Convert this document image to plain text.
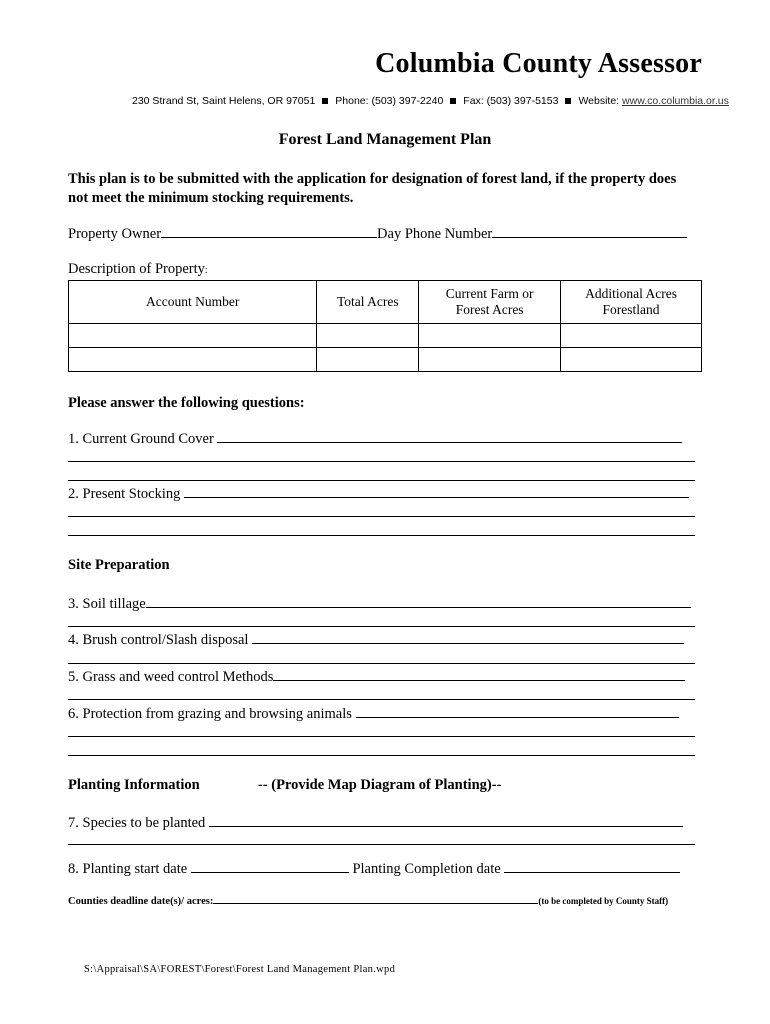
Columbia County Assessor
230 Strand St, Saint Helens, OR 97051 Phone: (503) 397-2240 Fax: (503) 397-5153 Website: www.co.columbia.or.us
Forest Land Management Plan
This plan is to be submitted with the application for designation of forest land, if the property does not meet the minimum stocking requirements.
Property Owner	Day Phone Number
Description of Property:
Account Number	Total Acres	Current Farm or Forest Acres	Additional Acres Forestland

Please answer the following questions:
1. Current Ground Cover
2. Present Stocking
Site Preparation
3. Soil tillage
4. Brush control/Slash disposal
5. Grass and weed control Methods
6. Protection from grazing and browsing animals
Planting Information	-- (Provide Map Diagram of Planting)--
7. Species to be planted
8. Planting start date	Planting Completion date
Counties deadline date(s)/ acres:	(to be completed by County Staff)
S:\Appraisal\SA\FOREST\Forest\Forest Land Management Plan.wpd
